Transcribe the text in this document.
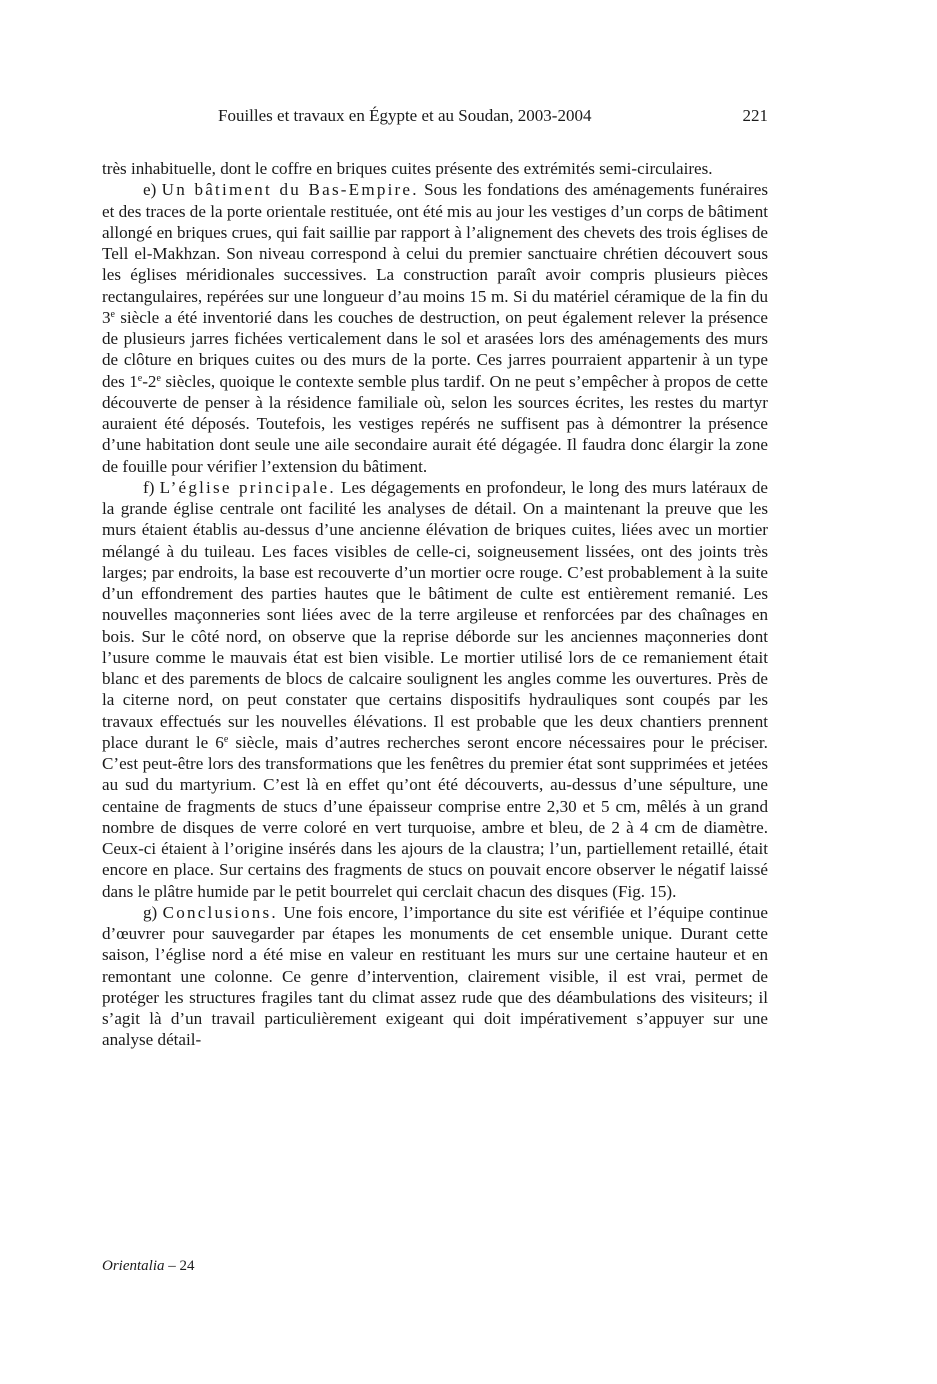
Fouilles et travaux en Égypte et au Soudan, 2003-2004	221

très inhabituelle, dont le coffre en briques cuites présente des extrémités semi-circulaires.

e) Un bâtiment du Bas-Empire. Sous les fondations des aménagements funéraires et des traces de la porte orientale restituée, ont été mis au jour les vestiges d’un corps de bâtiment allongé en briques crues, qui fait saillie par rapport à l’alignement des chevets des trois églises de Tell el-Makhzan. Son niveau correspond à celui du premier sanctuaire chrétien découvert sous les églises méridionales successives. La construction paraît avoir compris plusieurs pièces rectangulaires, repérées sur une longueur d’au moins 15 m. Si du matériel céramique de la fin du 3e siècle a été inventorié dans les couches de destruction, on peut également relever la présence de plusieurs jarres fichées verticalement dans le sol et arasées lors des aménagements des murs de clôture en briques cuites ou des murs de la porte. Ces jarres pourraient appartenir à un type des 1e-2e siècles, quoique le contexte semble plus tardif. On ne peut s’empêcher à propos de cette découverte de penser à la résidence familiale où, selon les sources écrites, les restes du martyr auraient été déposés. Toutefois, les vestiges repérés ne suffisent pas à démontrer la présence d’une habitation dont seule une aile secondaire aurait été dégagée. Il faudra donc élargir la zone de fouille pour vérifier l’extension du bâtiment.

f) L’église principale. Les dégagements en profondeur, le long des murs latéraux de la grande église centrale ont facilité les analyses de détail. On a maintenant la preuve que les murs étaient établis au-dessus d’une ancienne élévation de briques cuites, liées avec un mortier mélangé à du tuileau. Les faces visibles de celle-ci, soigneusement lissées, ont des joints très larges; par endroits, la base est recouverte d’un mortier ocre rouge. C’est probablement à la suite d’un effondrement des parties hautes que le bâtiment de culte est entièrement remanié. Les nouvelles maçonneries sont liées avec de la terre argileuse et renforcées par des chaînages en bois. Sur le côté nord, on observe que la reprise déborde sur les anciennes maçonneries dont l’usure comme le mauvais état est bien visible. Le mortier utilisé lors de ce remaniement était blanc et des parements de blocs de calcaire soulignent les angles comme les ouvertures. Près de la citerne nord, on peut constater que certains dispositifs hydrauliques sont coupés par les travaux effectués sur les nouvelles élévations. Il est probable que les deux chantiers prennent place durant le 6e siècle, mais d’autres recherches seront encore nécessaires pour le préciser. C’est peut-être lors des transformations que les fenêtres du premier état sont supprimées et jetées au sud du martyrium. C’est là en effet qu’ont été découverts, au-dessus d’une sépulture, une centaine de fragments de stucs d’une épaisseur comprise entre 2,30 et 5 cm, mêlés à un grand nombre de disques de verre coloré en vert turquoise, ambre et bleu, de 2 à 4 cm de diamètre. Ceux-ci étaient à l’origine insérés dans les ajours de la claustra; l’un, partiellement retaillé, était encore en place. Sur certains des fragments de stucs on pouvait encore observer le négatif laissé dans le plâtre humide par le petit bourrelet qui cerclait chacun des disques (Fig. 15).

g) Conclusions. Une fois encore, l’importance du site est vérifiée et l’équipe continue d’œuvrer pour sauvegarder par étapes les monuments de cet ensemble unique. Durant cette saison, l’église nord a été mise en valeur en restituant les murs sur une certaine hauteur et en remontant une colonne. Ce genre d’intervention, clairement visible, il est vrai, permet de protéger les structures fragiles tant du climat assez rude que des déambulations des visiteurs; il s’agit là d’un travail particulièrement exigeant qui doit impérativement s’appuyer sur une analyse détail-

Orientalia – 24
